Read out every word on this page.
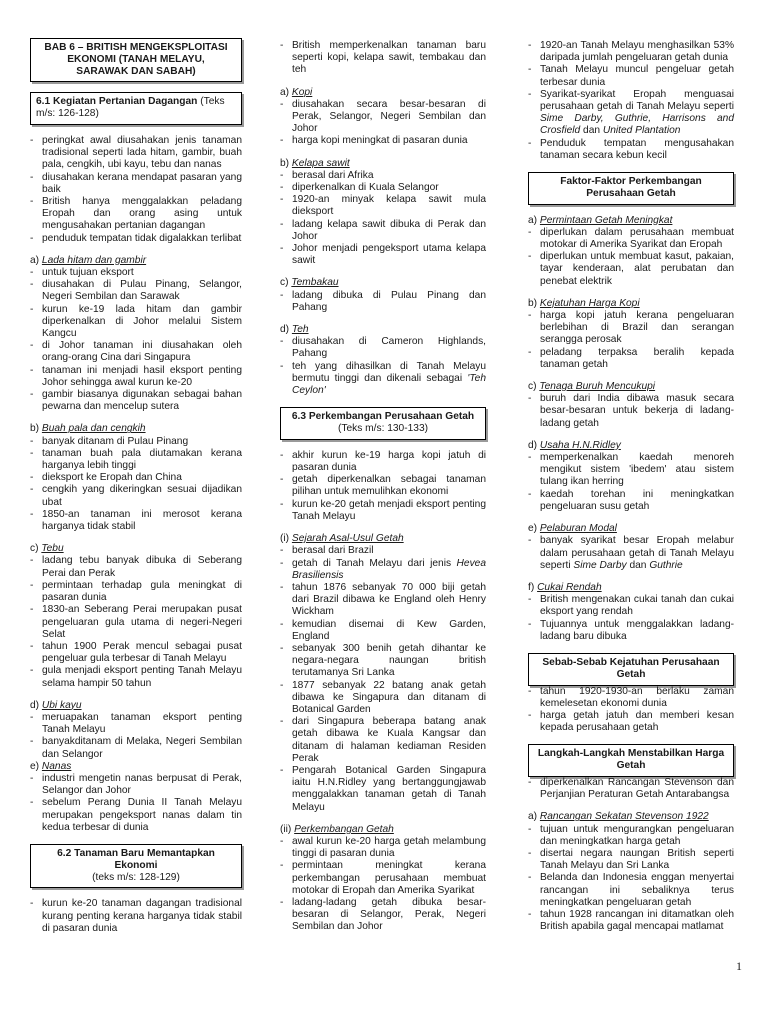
BAB 6 – BRITISH MENGEKSPLOITASI
EKONOMI (TANAH MELAYU,
SARAWAK DAN SABAH)
6.1 Kegiatan Pertanian Dagangan (Teks m/s: 126-128)
- peringkat awal diusahakan jenis tanaman tradisional seperti lada hitam, gambir, buah pala, cengkih, ubi kayu, tebu dan nanas
- diusahakan kerana mendapat pasaran yang baik
- British hanya menggalakkan peladang Eropah dan orang asing untuk mengusahakan pertanian dagangan
- penduduk tempatan tidak digalakkan terlibat
a) Lada hitam dan gambir
- untuk tujuan eksport
- diusahakan di Pulau Pinang, Selangor, Negeri Sembilan dan Sarawak
- kurun ke-19 lada hitam dan gambir diperkenalkan di Johor melalui Sistem Kangcu
- di Johor tanaman ini diusahakan oleh orang-orang Cina dari Singapura
- tanaman ini menjadi hasil eksport penting Johor sehingga awal kurun ke-20
- gambir biasanya digunakan sebagai bahan pewarna dan mencelup sutera
b) Buah pala dan cengkih
- banyak ditanam di Pulau Pinang
- tanaman buah pala diutamakan kerana harganya lebih tinggi
- dieksport ke Eropah dan China
- cengkih yang dikeringkan sesuai dijadikan ubat
- 1850-an tanaman ini merosot kerana harganya tidak stabil
c) Tebu
- ladang tebu banyak dibuka di Seberang Perai dan Perak
- permintaan terhadap gula meningkat di pasaran dunia
- 1830-an Seberang Perai merupakan pusat pengeluaran gula utama di negeri-Negeri Selat
- tahun 1900 Perak mencul sebagai pusat pengeluar gula terbesar di Tanah Melayu
- gula menjadi eksport penting Tanah Melayu selama hampir 50 tahun
d) Ubi kayu
- meruapakan tanaman eksport penting Tanah Melayu
- banyakditanam di Melaka, Negeri Sembilan dan Selangor
e) Nanas
- industri mengetin nanas berpusat di Perak, Selangor dan Johor
- sebelum Perang Dunia II Tanah Melayu merupakan pengeksport nanas dalam tin kedua terbesar di dunia
6.2 Tanaman Baru Memantapkan
Ekonomi
(teks m/s: 128-129)
- kurun ke-20 tanaman dagangan tradisional kurang penting kerana harganya tidak stabil di pasaran dunia
- British memperkenalkan tanaman baru seperti kopi, kelapa sawit, tembakau dan teh
a) Kopi
- diusahakan secara besar-besaran di Perak, Selangor, Negeri Sembilan dan Johor
- harga kopi meningkat di pasaran dunia
b) Kelapa sawit
- berasal dari Afrika
- diperkenalkan di Kuala Selangor
- 1920-an minyak kelapa sawit mula dieksport
- ladang kelapa sawit dibuka di Perak dan Johor
- Johor menjadi pengeksport utama kelapa sawit
c) Tembakau
- ladang dibuka di Pulau Pinang dan Pahang
d) Teh
- diusahakan di Cameron Highlands, Pahang
- teh yang dihasilkan di Tanah Melayu bermutu tinggi dan dikenali sebagai 'Teh Ceylon'
6.3 Perkembangan Perusahaan Getah
(Teks m/s: 130-133)
- akhir kurun ke-19 harga kopi jatuh di pasaran dunia
- getah diperkenalkan sebagai tanaman pilihan untuk memulihkan ekonomi
- kurun ke-20 getah menjadi eksport penting Tanah Melayu
(i) Sejarah Asal-Usul Getah
- berasal dari Brazil
- getah di Tanah Melayu dari jenis Hevea Brasiliensis
- tahun 1876 sebanyak 70 000 biji getah dari Brazil dibawa ke England oleh Henry Wickham
- kemudian disemai di Kew Garden, England
- sebanyak 300 benih getah dihantar ke negara-negara naungan british terutamanya Sri Lanka
- 1877 sebanyak 22 batang anak getah dibawa ke Singapura dan ditanam di Botanical Garden
- dari Singapura beberapa batang anak getah dibawa ke Kuala Kangsar dan ditanam di halaman kediaman Residen Perak
- Pengarah Botanical Garden Singapura iaitu H.N.Ridley yang bertanggungjawab menggalakkan tanaman getah di Tanah Melayu
(ii) Perkembangan Getah
- awal kurun ke-20 harga getah melambung tinggi di pasaran dunia
- permintaan meningkat kerana perkembangan perusahaan membuat motokar di Eropah dan Amerika Syarikat
- ladang-ladang getah dibuka besar-besaran di Selangor, Perak, Negeri Sembilan dan Johor
- 1920-an Tanah Melayu menghasilkan 53% daripada jumlah pengeluaran getah dunia
- Tanah Melayu muncul pengeluar getah terbesar dunia
- Syarikat-syarikat Eropah menguasai perusahaan getah di Tanah Melayu seperti Sime Darby, Guthrie, Harrisons and Crosfield dan United Plantation
- Penduduk tempatan mengusahakan tanaman secara kebun kecil
Faktor-Faktor Perkembangan
Perusahaan Getah
a) Permintaan Getah Meningkat
- diperlukan dalam perusahaan membuat motokar di Amerika Syarikat dan Eropah
- diperlukan untuk membuat kasut, pakaian, tayar kenderaan, alat perubatan dan penebat elektrik
b) Kejatuhan Harga Kopi
- harga kopi jatuh kerana pengeluaran berlebihan di Brazil dan serangan serangga perosak
- peladang terpaksa beralih kepada tanaman getah
c) Tenaga Buruh Mencukupi
- buruh dari India dibawa masuk secara besar-besaran untuk bekerja di ladang-ladang getah
d) Usaha H.N.Ridley
- memperkenalkan kaedah menoreh mengikut sistem 'ibedem' atau sistem tulang ikan herring
- kaedah torehan ini meningkatkan pengeluaran susu getah
e) Pelaburan Modal
- banyak syarikat besar Eropah melabur dalam perusahaan getah di Tanah Melayu seperti Sime Darby dan Guthrie
f) Cukai Rendah
- British mengenakan cukai tanah dan cukai eksport yang rendah
- Tujuannya untuk menggalakkan ladang-ladang baru dibuka
Sebab-Sebab Kejatuhan Perusahaan
Getah
- tahun 1920-1930-an berlaku zaman kemelesetan ekonomi dunia
- harga getah jatuh dan memberi kesan kepada perusahaan getah
Langkah-Langkah Menstabilkan Harga
Getah
- diperkenalkan Rancangan Stevenson dan Perjanjian Peraturan Getah Antarabangsa
a) Rancangan Sekatan Stevenson 1922
- tujuan untuk mengurangkan pengeluaran dan meningkatkan harga getah
- disertai negara naungan British seperti Tanah Melayu dan Sri Lanka
- Belanda dan Indonesia enggan menyertai rancangan ini sebaliknya terus meningkatkan pengeluaran getah
- tahun 1928 rancangan ini ditamatkan oleh British apabila gagal mencapai matlamat
1
